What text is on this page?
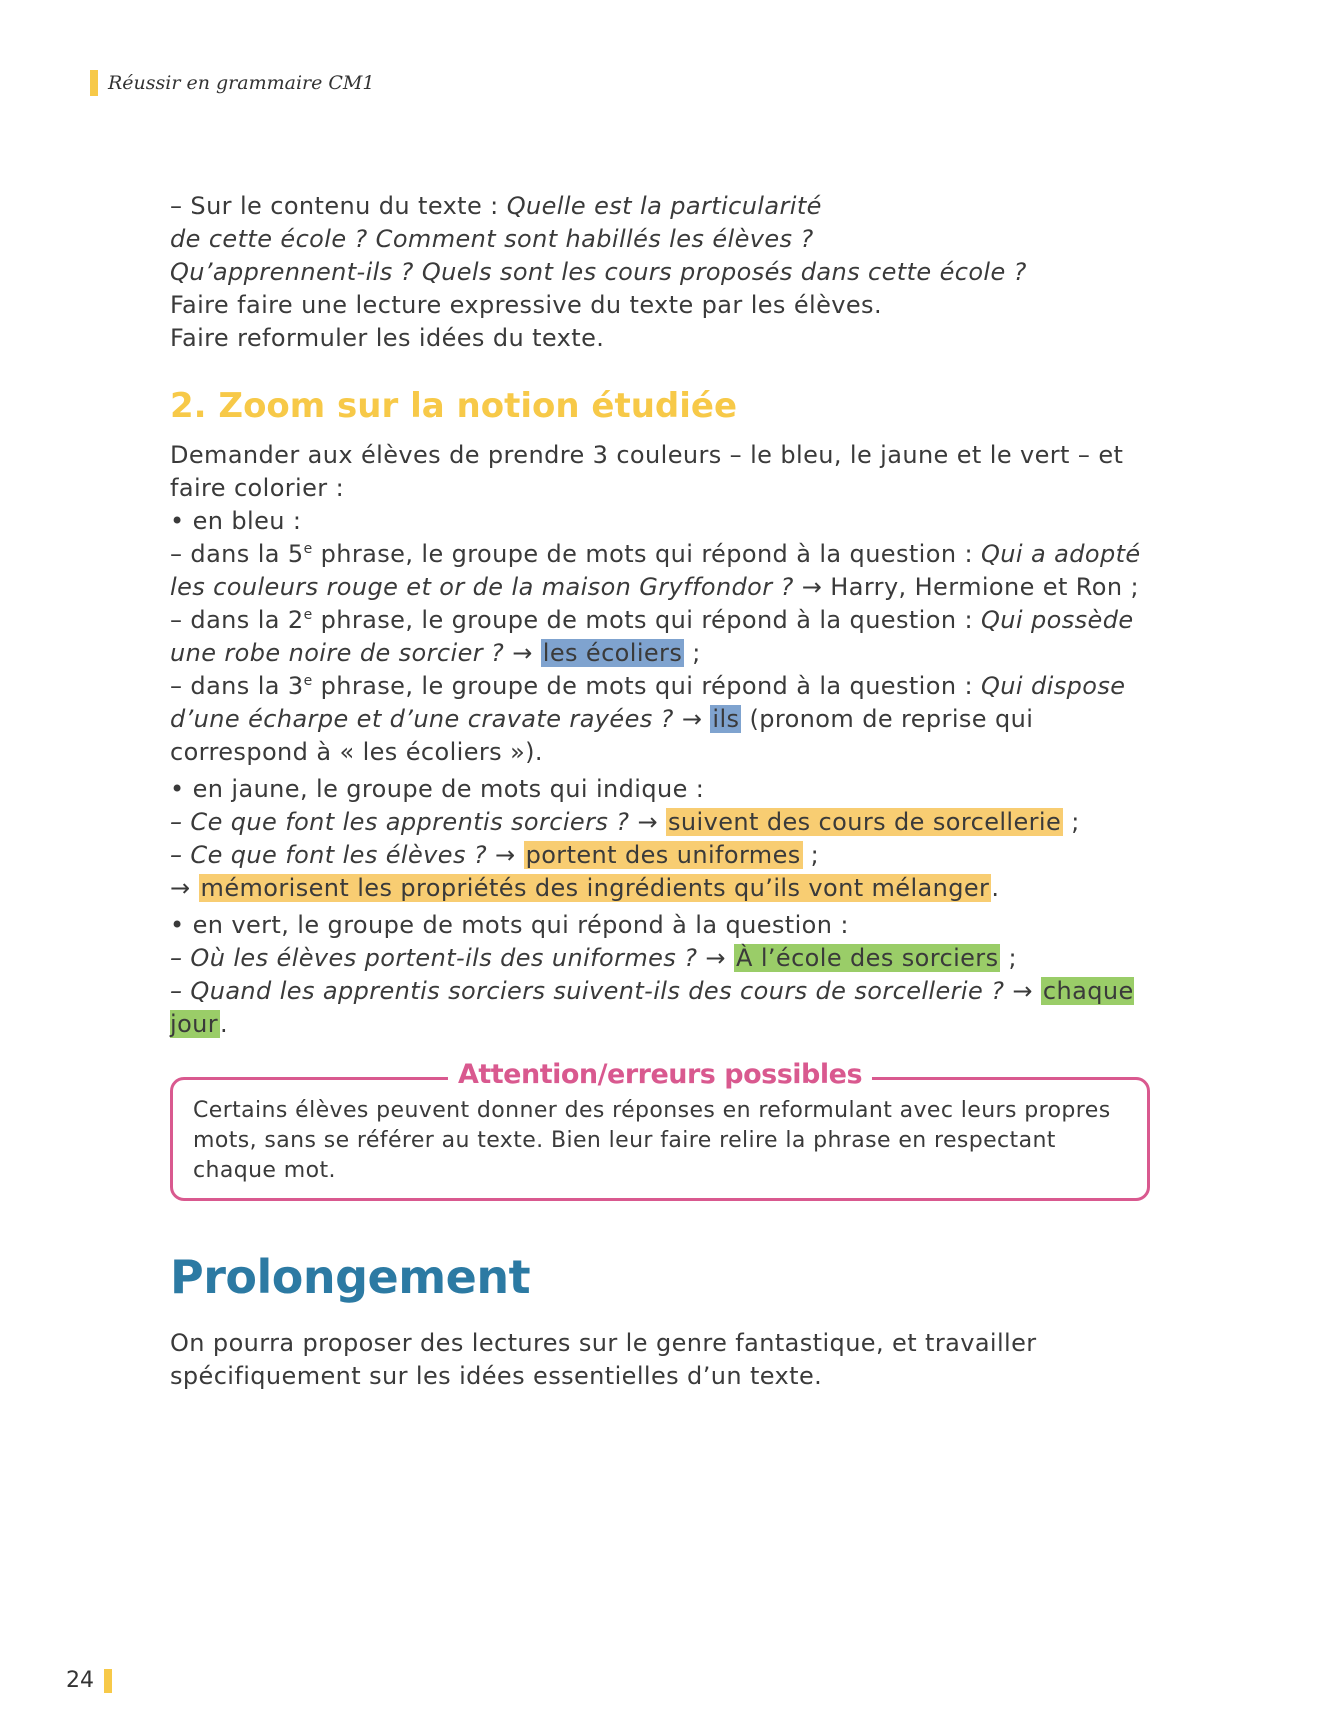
Réussir en grammaire CM1

– Sur le contenu du texte : Quelle est la particularité

de cette école ? Comment sont habillés les élèves ?

Qu’apprennent-ils ? Quels sont les cours proposés dans cette école ?

Faire faire une lecture expressive du texte par les élèves.

Faire reformuler les idées du texte.

2. Zoom sur la notion étudiée

Demander aux élèves de prendre 3 couleurs – le bleu, le jaune et le vert – et faire colorier :

• en bleu :

– dans la 5e phrase, le groupe de mots qui répond à la question : Qui a adopté les couleurs rouge et or de la maison Gryffondor ? → Harry, Hermione et Ron ;

– dans la 2e phrase, le groupe de mots qui répond à la question : Qui possède une robe noire de sorcier ? → les écoliers ;

– dans la 3e phrase, le groupe de mots qui répond à la question : Qui dispose d’une écharpe et d’une cravate rayées ? → ils (pronom de reprise qui correspond à « les écoliers »).

• en jaune, le groupe de mots qui indique :

– Ce que font les apprentis sorciers ? → suivent des cours de sorcellerie ;

– Ce que font les élèves ? → portent des uniformes ;

→ mémorisent les propriétés des ingrédients qu’ils vont mélanger.

• en vert, le groupe de mots qui répond à la question :

– Où les élèves portent-ils des uniformes ? → À l’école des sorciers ;

– Quand les apprentis sorciers suivent-ils des cours de sorcellerie ? → chaque jour.

Attention/erreurs possibles

Certains élèves peuvent donner des réponses en reformulant avec leurs propres mots, sans se référer au texte. Bien leur faire relire la phrase en respectant chaque mot.

Prolongement

On pourra proposer des lectures sur le genre fantastique, et travailler spécifiquement sur les idées essentielles d’un texte.

24
